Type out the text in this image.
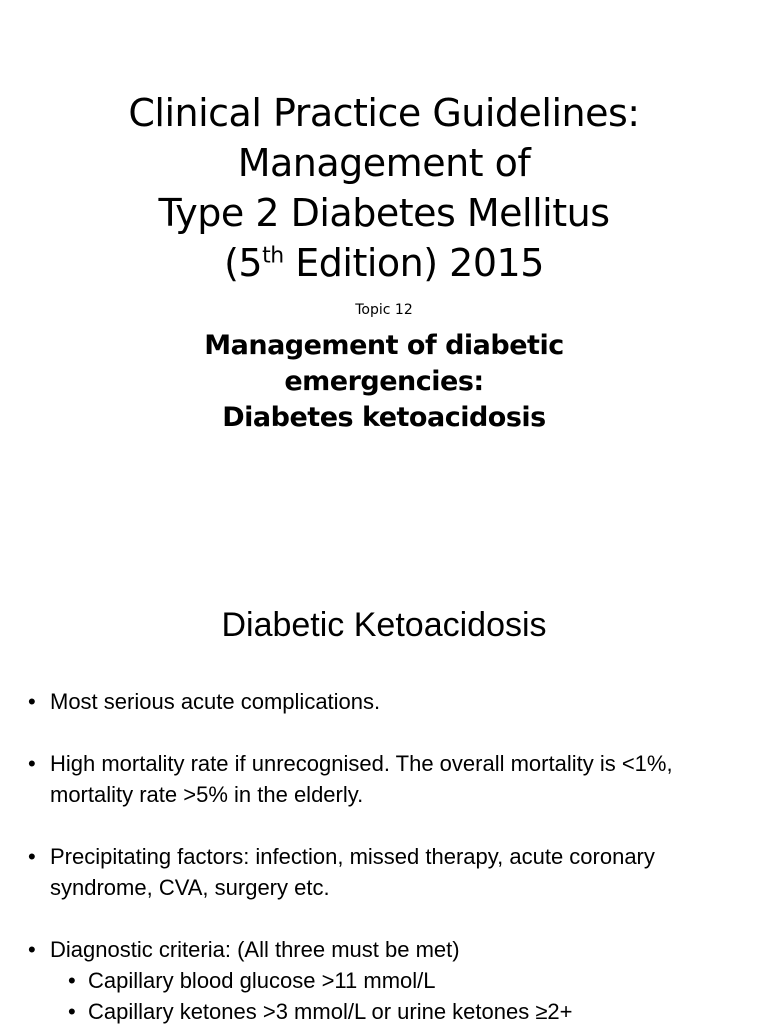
Clinical Practice Guidelines:
Management of
Type 2 Diabetes Mellitus
(5th Edition) 2015
Topic 12
Management of diabetic
emergencies:
Diabetes ketoacidosis
Diabetic Ketoacidosis
• Most serious acute complications.
• High mortality rate if unrecognised. The overall mortality is <1%, mortality rate >5% in the elderly.
• Precipitating factors: infection, missed therapy, acute coronary syndrome, CVA, surgery etc.
• Diagnostic criteria: (All three must be met)
• Capillary blood glucose >11 mmol/L
• Capillary ketones >3 mmol/L or urine ketones ≥2+
